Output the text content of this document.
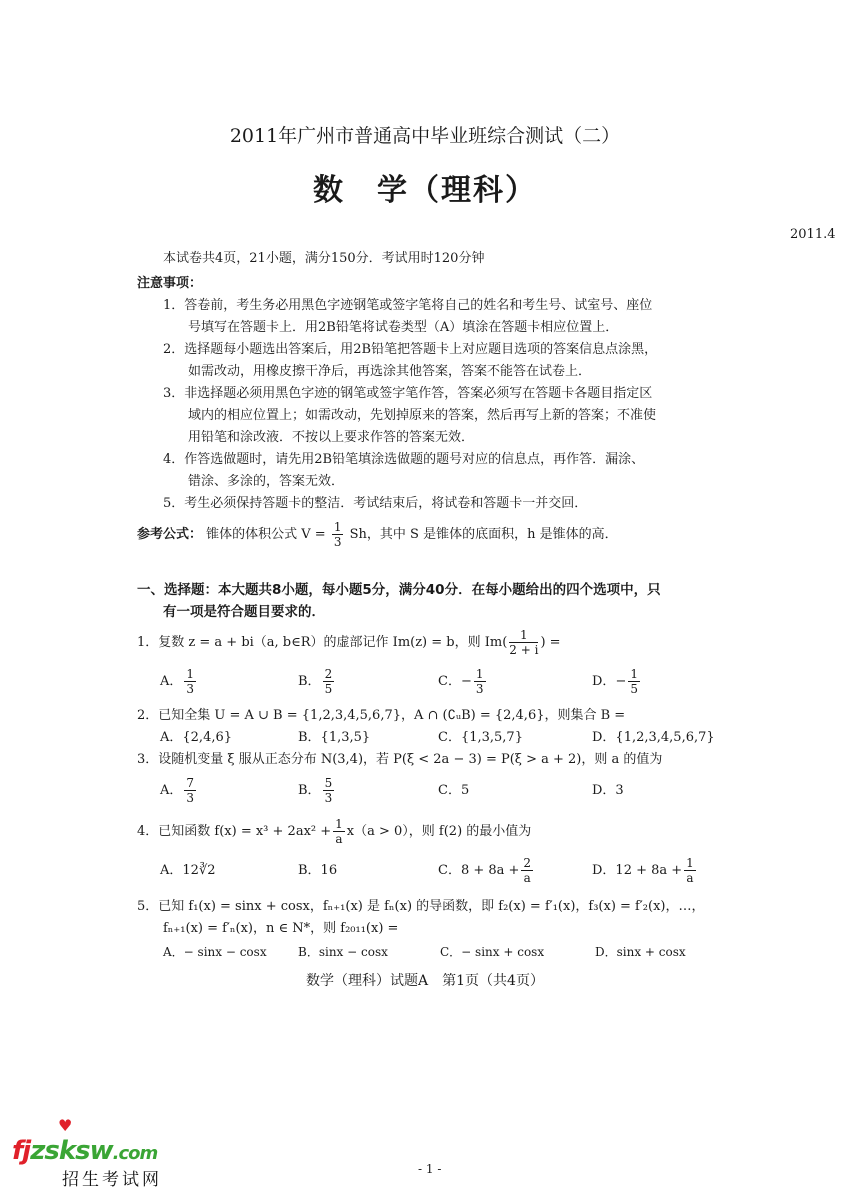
2011年广州市普通高中毕业班综合测试（二）
数　学（理科）
2011.4
本试卷共4页，21小题，满分150分．考试用时120分钟
注意事项：
1．答卷前，考生务必用黑色字迹钢笔或签字笔将自己的姓名和考生号、试室号、座位
号填写在答题卡上．用2B铅笔将试卷类型（A）填涂在答题卡相应位置上．
2．选择题每小题选出答案后，用2B铅笔把答题卡上对应题目选项的答案信息点涂黑，
如需改动，用橡皮擦干净后，再选涂其他答案，答案不能答在试卷上．
3．非选择题必须用黑色字迹的钢笔或签字笔作答，答案必须写在答题卡各题目指定区
域内的相应位置上；如需改动，先划掉原来的答案，然后再写上新的答案；不准使
用铅笔和涂改液．不按以上要求作答的答案无效．
4．作答选做题时，请先用2B铅笔填涂选做题的题号对应的信息点，再作答．漏涂、
错涂、多涂的，答案无效．
5．考生必须保持答题卡的整洁．考试结束后，将试卷和答题卡一并交回．
参考公式： 锥体的体积公式 $V = \frac{1}{3}$ Sh，其中 S 是锥体的底面积，h 是锥体的高．
一、选择题：本大题共8小题，每小题5分，满分40分．在每小题给出的四个选项中，只
有一项是符合题目要求的．
1．复数 z = a + bi（a, b∈R）的虚部记作 Im(z) = b，则 $Im( \frac{1}{2 + i}$ ) =
A． $\frac{1}{3}$	B． $\frac{2}{5}$	C．− $\frac{1}{3}$	D．− $\frac{1}{5}$
2．已知全集 U = A ∪ B = {1,2,3,4,5,6,7}，A ∩ (∁ᵤB) = {2,4,6}，则集合 B =
A．{2,4,6}	B．{1,3,5}	C．{1,3,5,7}	D．{1,2,3,4,5,6,7}
3．设随机变量 ξ 服从正态分布 N(3,4)，若 P(ξ < 2a − 3) = P(ξ > a + 2)，则 a 的值为
A． $\frac{7}{3}$	B． $\frac{5}{3}$	C．5	D．3
4．已知函数 $f(x) = x^3 + 2ax^2 + \frac{1}{a} x(a > 0)$，则 f(2) 的最小值为
A．12∛2	B．16	C．$8 + 8a + \frac{2}{a}$	D．$12 + 8a + \frac{1}{a}$
5．已知 f₁(x) = sinx + cosx，fₙ₊₁(x) 是 fₙ(x) 的导函数，即 f₂(x) = f′₁(x)，f₃(x) = f′₂(x)，…，
fₙ₊₁(x) = f′ₙ(x)，n ∈ N*，则 f₂₀₁₁(x) =
A．− sinx − cosx	B．sinx − cosx	C．− sinx + cosx	D．sinx + cosx
数学（理科）试题A　第1页（共4页）
♥
fjzsksw.com
招生考试网
- 1 -
